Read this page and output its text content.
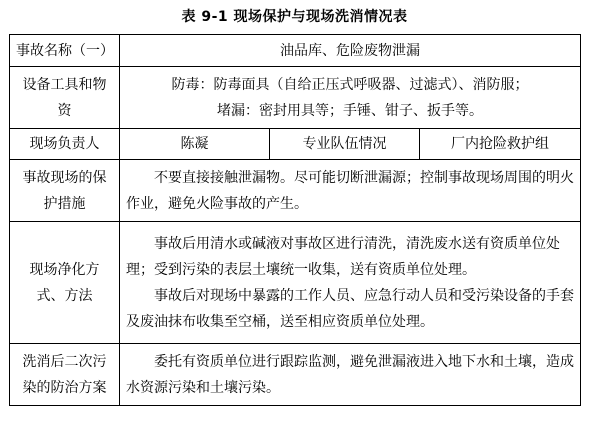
表 9-1 现场保护与现场洗消情况表
事故名称（一）	油品库、危险废物泄漏		
设备工具和物资	防毒：防毒面具（自给正压式呼吸器、过滤式）、消防服；
堵漏：密封用具等；手锤、钳子、扳手等。		

现场负责人	陈凝	专业队伍情况	厂内抢险救护组
事故现场的保护措施	不要直接接触泄漏物。尽可能切断泄漏源；控制事故现场周围的明火作业，避免火险事故的产生。		

现场净化方式、方法	事故后用清水或碱液对事故区进行清洗，清洗废水送有资质单位处理；受到污染的表层土壤统一收集，送有资质单位处理。
事故后对现场中暴露的工作人员、应急行动人员和受污染设备的手套及废油抹布收集至空桶，送至相应资质单位处理。		

洗消后二次污染的防治方案	委托有资质单位进行跟踪监测，避免泄漏液进入地下水和土壤，造成水资源污染和土壤污染。		
